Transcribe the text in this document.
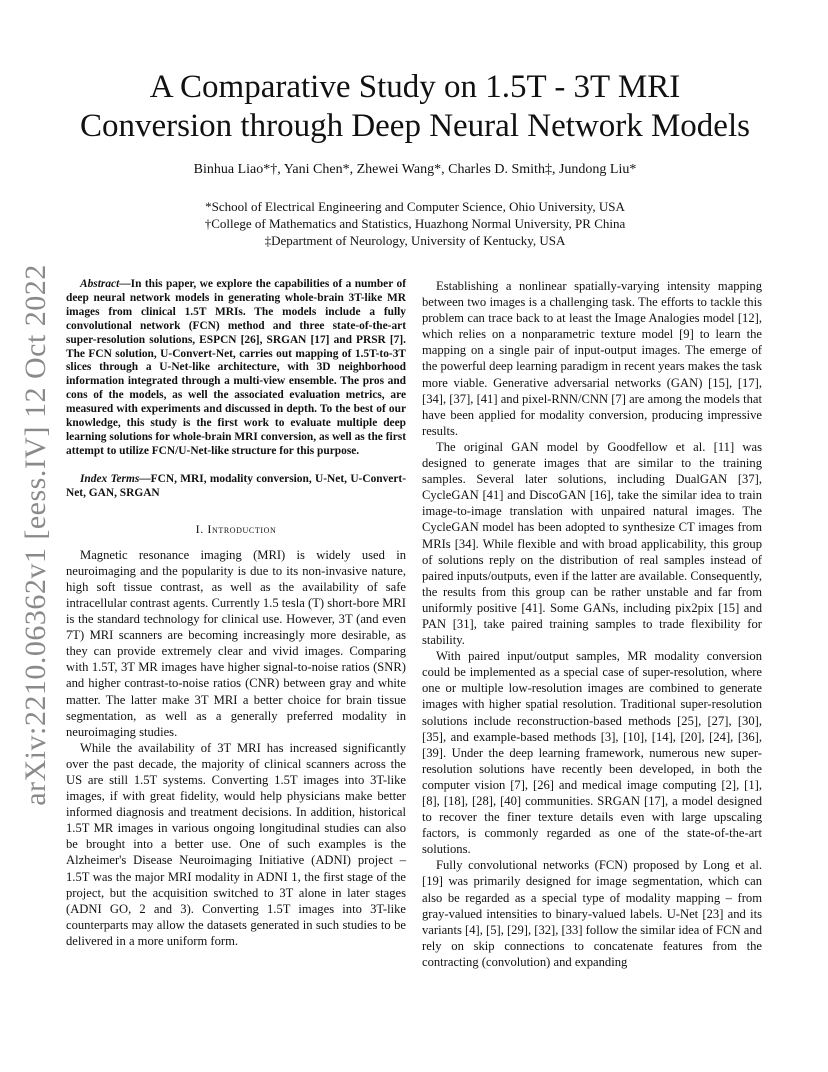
arXiv:2210.06362v1 [eess.IV] 12 Oct 2022
A Comparative Study on 1.5T - 3T MRI
Conversion through Deep Neural Network Models
Binhua Liao*†, Yani Chen*, Zhewei Wang*, Charles D. Smith‡, Jundong Liu*
*School of Electrical Engineering and Computer Science, Ohio University, USA
†College of Mathematics and Statistics, Huazhong Normal University, PR China
‡Department of Neurology, University of Kentucky, USA

Abstract—In this paper, we explore the capabilities of a number of deep neural network models in generating whole-brain 3T-like MR images from clinical 1.5T MRIs. The models include a fully convolutional network (FCN) method and three state-of-the-art super-resolution solutions, ESPCN [26], SRGAN [17] and PRSR [7]. The FCN solution, U-Convert-Net, carries out mapping of 1.5T-to-3T slices through a U-Net-like architecture, with 3D neighborhood information integrated through a multi-view ensemble. The pros and cons of the models, as well the associated evaluation metrics, are measured with experiments and discussed in depth. To the best of our knowledge, this study is the first work to evaluate multiple deep learning solutions for whole-brain MRI conversion, as well as the first attempt to utilize FCN/U-Net-like structure for this purpose.

Index Terms—FCN, MRI, modality conversion, U-Net, U-Convert-Net, GAN, SRGAN

I. Introduction

Magnetic resonance imaging (MRI) is widely used in neuroimaging and the popularity is due to its non-invasive nature, high soft tissue contrast, as well as the availability of safe intracellular contrast agents. Currently 1.5 tesla (T) short-bore MRI is the standard technology for clinical use. However, 3T (and even 7T) MRI scanners are becoming increasingly more desirable, as they can provide extremely clear and vivid images. Comparing with 1.5T, 3T MR images have higher signal-to-noise ratios (SNR) and higher contrast-to-noise ratios (CNR) between gray and white matter. The latter make 3T MRI a better choice for brain tissue segmentation, as well as a generally preferred modality in neuroimaging studies.

While the availability of 3T MRI has increased significantly over the past decade, the majority of clinical scanners across the US are still 1.5T systems. Converting 1.5T images into 3T-like images, if with great fidelity, would help physicians make better informed diagnosis and treatment decisions. In addition, historical 1.5T MR images in various ongoing longitudinal studies can also be brought into a better use. One of such examples is the Alzheimer's Disease Neuroimaging Initiative (ADNI) project – 1.5T was the major MRI modality in ADNI 1, the first stage of the project, but the acquisition switched to 3T alone in later stages (ADNI GO, 2 and 3). Converting 1.5T images into 3T-like counterparts may allow the datasets generated in such studies to be delivered in a more uniform form.

Establishing a nonlinear spatially-varying intensity mapping between two images is a challenging task. The efforts to tackle this problem can trace back to at least the Image Analogies model [12], which relies on a nonparametric texture model [9] to learn the mapping on a single pair of input-output images. The emerge of the powerful deep learning paradigm in recent years makes the task more viable. Generative adversarial networks (GAN) [15], [17], [34], [37], [41] and pixel-RNN/CNN [7] are among the models that have been applied for modality conversion, producing impressive results.

The original GAN model by Goodfellow et al. [11] was designed to generate images that are similar to the training samples. Several later solutions, including DualGAN [37], CycleGAN [41] and DiscoGAN [16], take the similar idea to train image-to-image translation with unpaired natural images. The CycleGAN model has been adopted to synthesize CT images from MRIs [34]. While flexible and with broad applicability, this group of solutions reply on the distribution of real samples instead of paired inputs/outputs, even if the latter are available. Consequently, the results from this group can be rather unstable and far from uniformly positive [41]. Some GANs, including pix2pix [15] and PAN [31], take paired training samples to trade flexibility for stability.

With paired input/output samples, MR modality conversion could be implemented as a special case of super-resolution, where one or multiple low-resolution images are combined to generate images with higher spatial resolution. Traditional super-resolution solutions include reconstruction-based methods [25], [27], [30], [35], and example-based methods [3], [10], [14], [20], [24], [36], [39]. Under the deep learning framework, numerous new super-resolution solutions have recently been developed, in both the computer vision [7], [26] and medical image computing [2], [1], [8], [18], [28], [40] communities. SRGAN [17], a model designed to recover the finer texture details even with large upscaling factors, is commonly regarded as one of the state-of-the-art solutions.

Fully convolutional networks (FCN) proposed by Long et al. [19] was primarily designed for image segmentation, which can also be regarded as a special type of modality mapping – from gray-valued intensities to binary-valued labels. U-Net [23] and its variants [4], [5], [29], [32], [33] follow the similar idea of FCN and rely on skip connections to concatenate features from the contracting (convolution) and expanding
